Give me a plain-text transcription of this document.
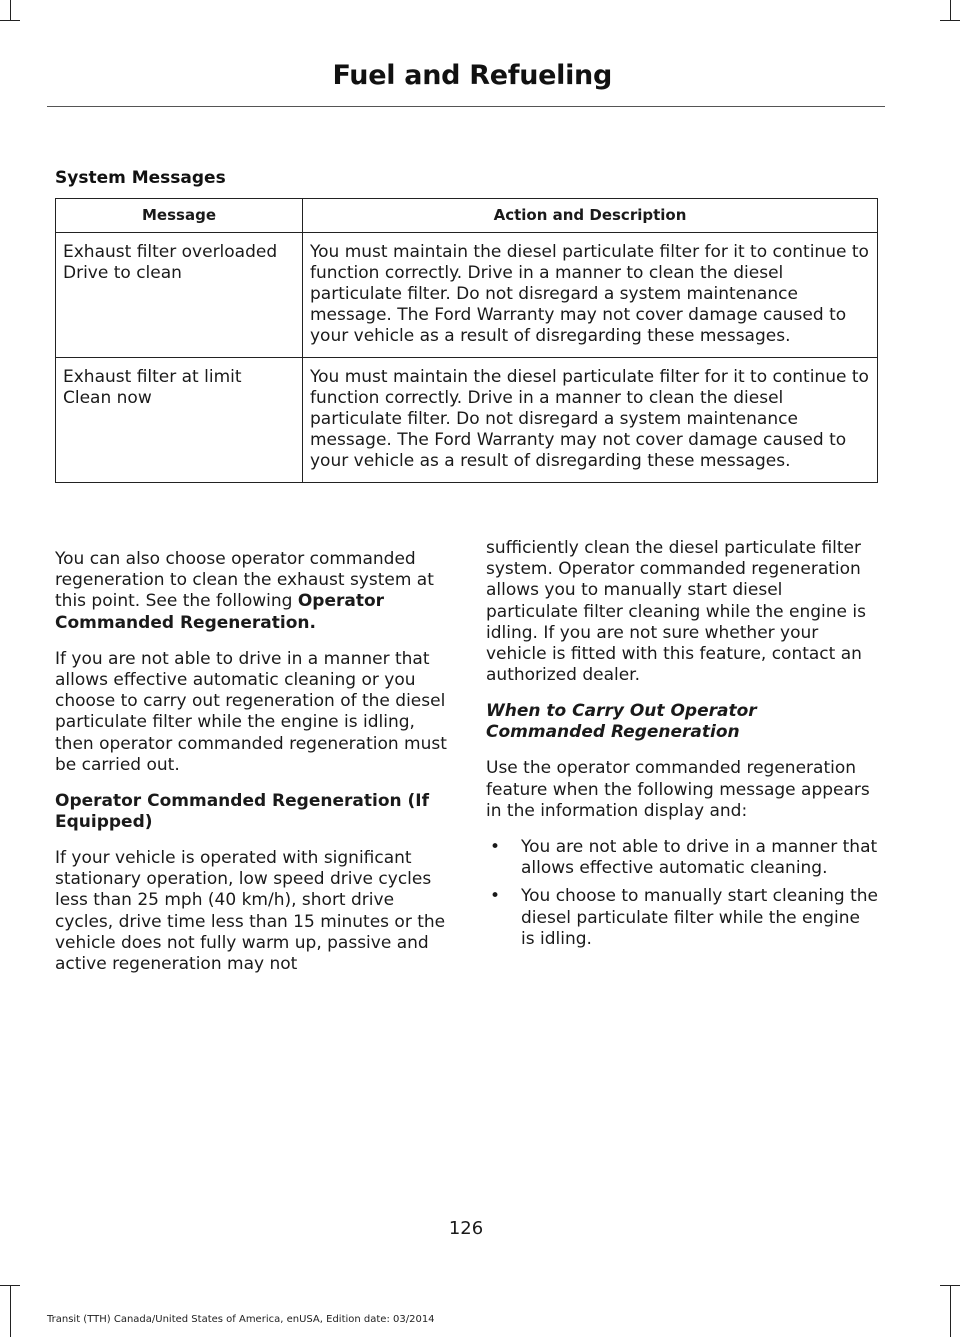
Fuel and Refueling
System Messages
Message	Action and Description

Exhaust filter overloaded
Drive to clean	You must maintain the diesel particulate filter for it to continue to function correctly. Drive in a manner to clean the diesel particulate filter. Do not disregard a system maintenance message. The Ford Warranty may not cover damage caused to your vehicle as a result of disregarding these messages.

Exhaust filter at limit
Clean now	You must maintain the diesel particulate filter for it to continue to function correctly. Drive in a manner to clean the diesel particulate filter. Do not disregard a system maintenance message. The Ford Warranty may not cover damage caused to your vehicle as a result of disregarding these messages.

You can also choose operator commanded regeneration to clean the exhaust system at this point. See the following Operator Commanded Regeneration.

If you are not able to drive in a manner that allows effective automatic cleaning or you choose to carry out regeneration of the diesel particulate filter while the engine is idling, then operator commanded regeneration must be carried out.

Operator Commanded Regeneration (If Equipped)

If your vehicle is operated with significant stationary operation, low speed drive cycles less than 25 mph (40 km/h), short drive cycles, drive time less than 15 minutes or the vehicle does not fully warm up, passive and active regeneration may not

sufficiently clean the diesel particulate filter system. Operator commanded regeneration allows you to manually start diesel particulate filter cleaning while the engine is idling. If you are not sure whether your vehicle is fitted with this feature, contact an authorized dealer.

When to Carry Out Operator Commanded Regeneration

Use the operator commanded regeneration feature when the following message appears in the information display and:

• You are not able to drive in a manner that allows effective automatic cleaning.
• You choose to manually start cleaning the diesel particulate filter while the engine is idling.
126
Transit (TTH) Canada/United States of America, enUSA, Edition date: 03/2014
